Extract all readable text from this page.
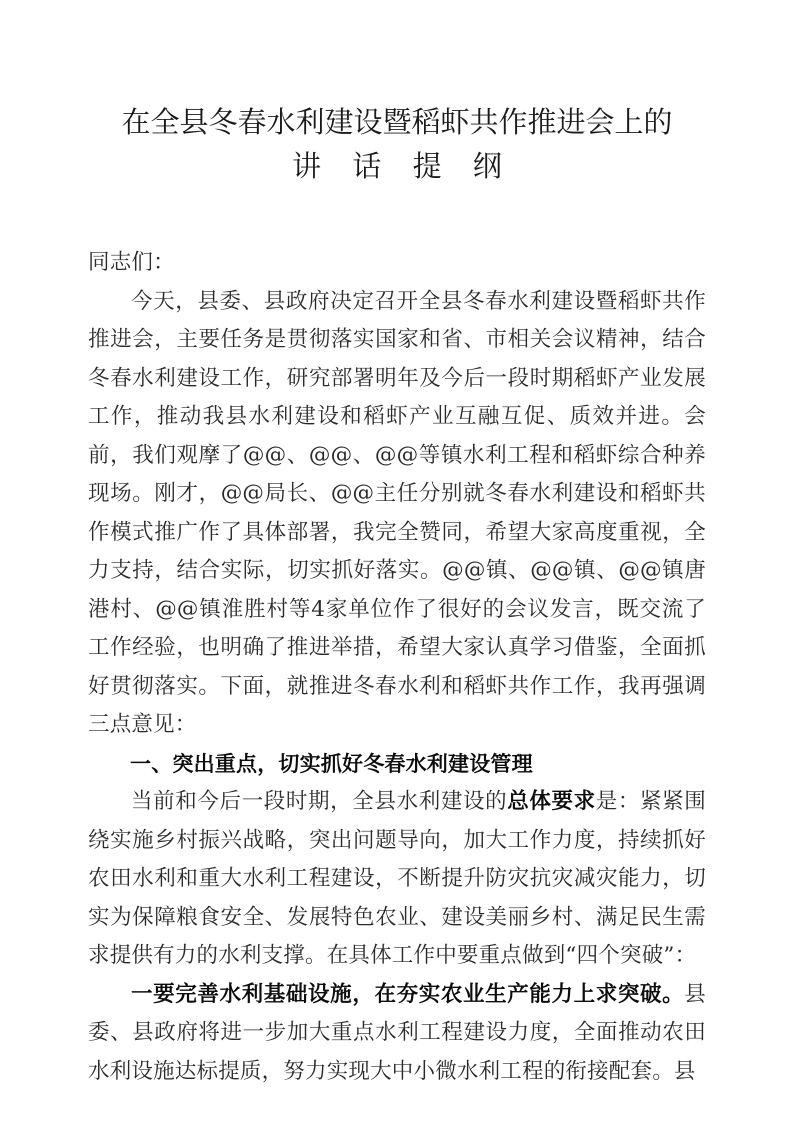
在全县冬春水利建设暨稻虾共作推进会上的
讲 话 提 纲

同志们：

今天，县委、县政府决定召开全县冬春水利建设暨稻虾共作推进会，主要任务是贯彻落实国家和省、市相关会议精神，结合冬春水利建设工作，研究部署明年及今后一段时期稻虾产业发展工作，推动我县水利建设和稻虾产业互融互促、质效并进。会前，我们观摩了@@、@@、@@等镇水利工程和稻虾综合种养现场。刚才，@@局长、@@主任分别就冬春水利建设和稻虾共作模式推广作了具体部署，我完全赞同，希望大家高度重视，全力支持，结合实际，切实抓好落实。@@镇、@@镇、@@镇唐港村、@@镇淮胜村等4家单位作了很好的会议发言，既交流了工作经验，也明确了推进举措，希望大家认真学习借鉴，全面抓好贯彻落实。下面，就推进冬春水利和稻虾共作工作，我再强调三点意见：

一、突出重点，切实抓好冬春水利建设管理

当前和今后一段时期，全县水利建设的总体要求是：紧紧围绕实施乡村振兴战略，突出问题导向，加大工作力度，持续抓好农田水利和重大水利工程建设，不断提升防灾抗灾减灾能力，切实为保障粮食安全、发展特色农业、建设美丽乡村、满足民生需求提供有力的水利支撑。在具体工作中要重点做到“四个突破”：

一要完善水利基础设施，在夯实农业生产能力上求突破。县委、县政府将进一步加大重点水利工程建设力度，全面推动农田水利设施达标提质，努力实现大中小微水利工程的衔接配套。县
